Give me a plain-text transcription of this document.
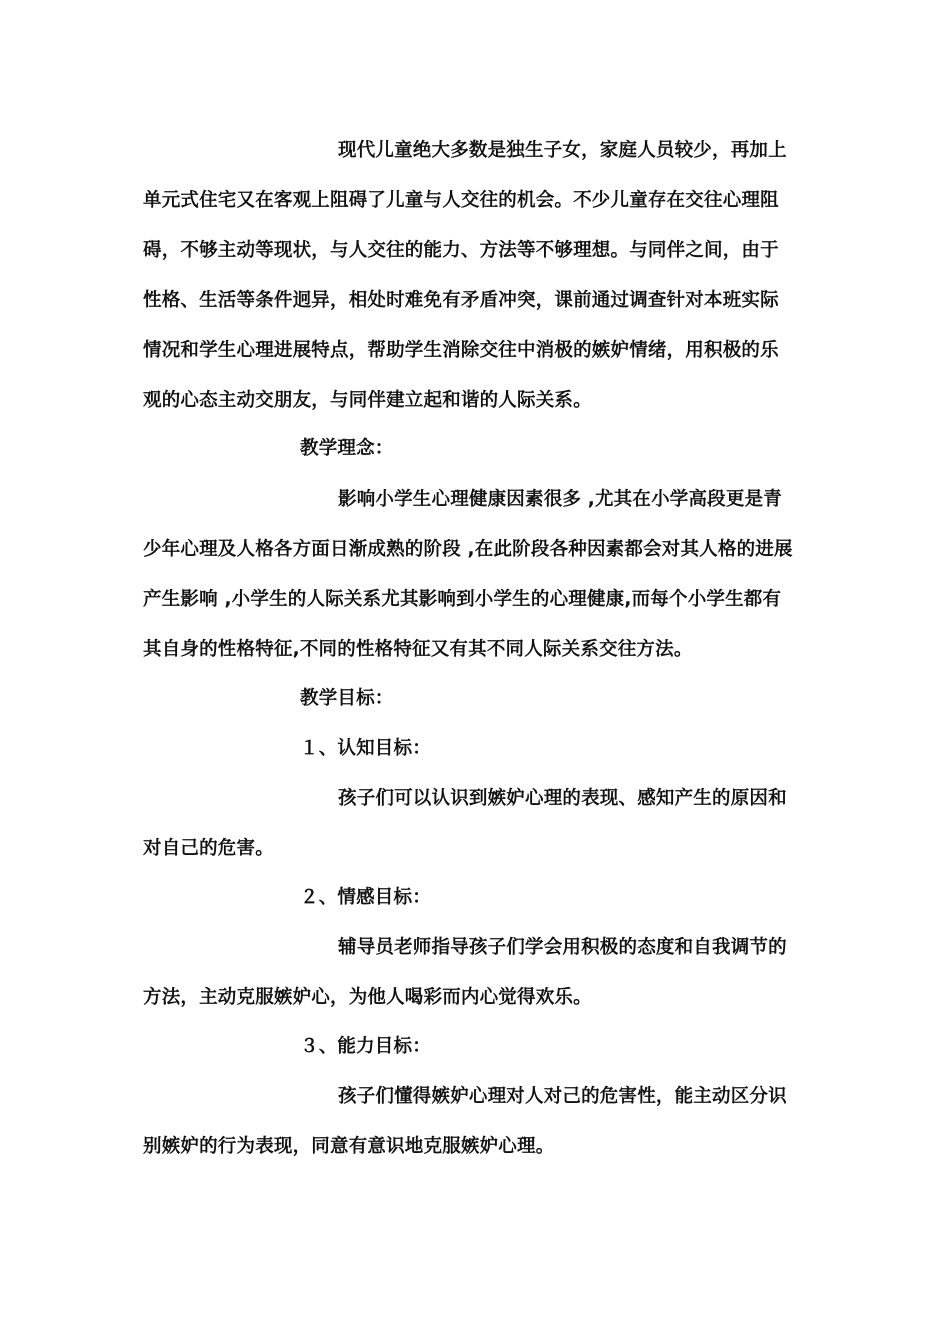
现代儿童绝大多数是独生子女，家庭人员较少，再加上
单元式住宅又在客观上阻碍了儿童与人交往的机会。不少儿童存在交往心理阻
碍，不够主动等现状，与人交往的能力、方法等不够理想。与同伴之间，由于
性格、生活等条件迥异，相处时难免有矛盾冲突，课前通过调查针对本班实际
情况和学生心理进展特点，帮助学生消除交往中消极的嫉妒情绪，用积极的乐
观的心态主动交朋友，与同伴建立起和谐的人际关系。
教学理念：
影响小学生心理健康因素很多 ,尤其在小学高段更是青
少年心理及人格各方面日渐成熟的阶段 ,在此阶段各种因素都会对其人格的进展
产生影响 ,小学生的人际关系尤其影响到小学生的心理健康,而每个小学生都有
其自身的性格特征,不同的性格特征又有其不同人际关系交往方法。
教学目标：
１、认知目标：
孩子们可以认识到嫉妒心理的表现、感知产生的原因和
对自己的危害。
２、情感目标：
辅导员老师指导孩子们学会用积极的态度和自我调节的
方法，主动克服嫉妒心，为他人喝彩而内心觉得欢乐。
３、能力目标：
孩子们懂得嫉妒心理对人对己的危害性，能主动区分识
别嫉妒的行为表现，同意有意识地克服嫉妒心理。
